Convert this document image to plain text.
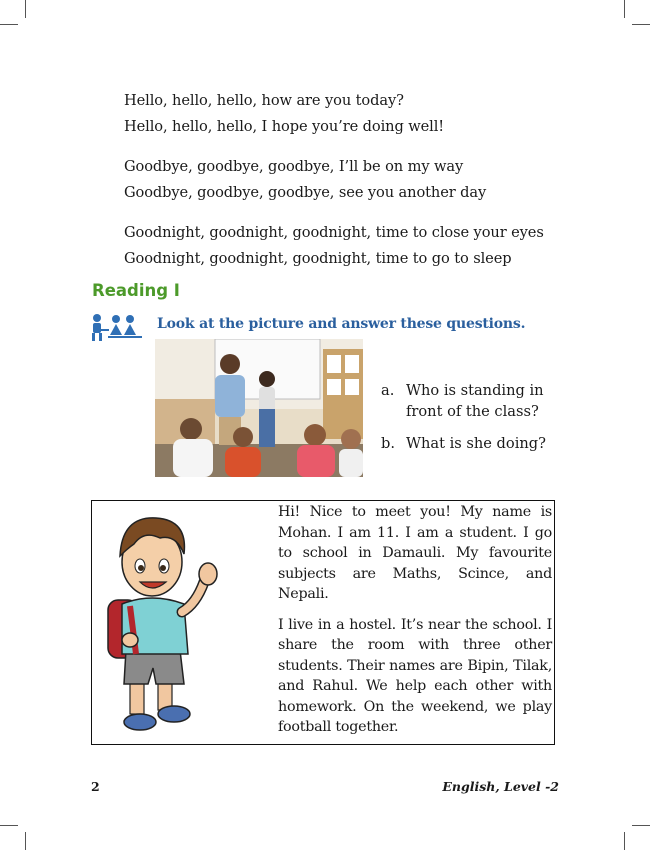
Hello, hello, hello, how are you today?
Hello, hello, hello, I hope you’re doing well!
Goodbye, goodbye, goodbye, I’ll be on my way
Goodbye, goodbye, goodbye, see you another day
Goodnight, goodnight, goodnight, time to close your eyes
Goodnight, goodnight, goodnight, time to go to sleep
Reading I
Look at the picture and answer these questions.
a. Who is standing in front of the class?
b. What is she doing?

Hi! Nice to meet you! My name is Mohan. I am 11. I am a student. I go to school in Damauli. My favourite subjects are Maths, Scince, and Nepali.

I live in a hostel. It’s near the school. I share the room with three other students. Their names are Bipin, Tilak, and Rahul. We help each other with homework. On the weekend, we play football together.

2	English, Level -2
